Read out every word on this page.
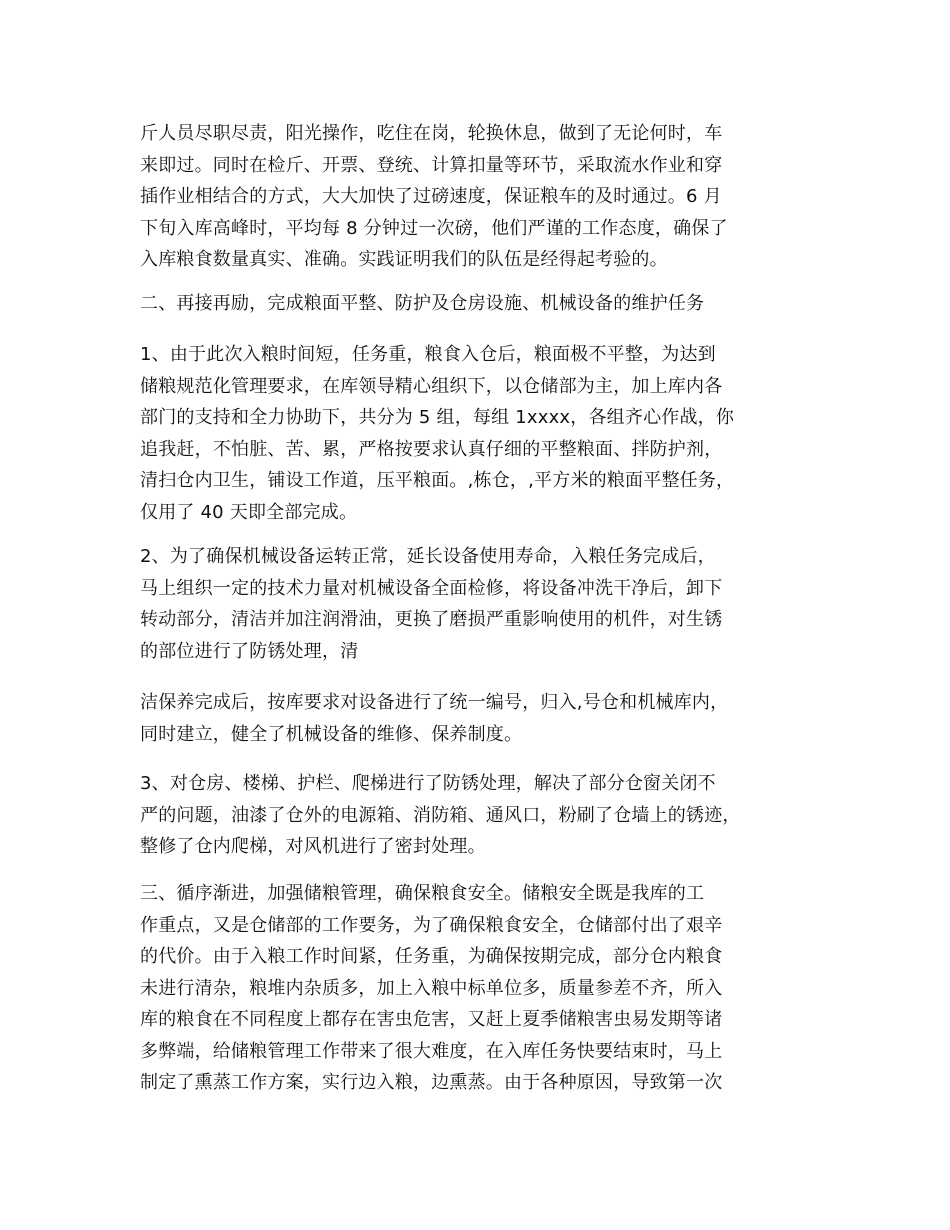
斤人员尽职尽责，阳光操作，吃住在岗，轮换休息，做到了无论何时，车
来即过。同时在检斤、开票、登统、计算扣量等环节，采取流水作业和穿
插作业相结合的方式，大大加快了过磅速度，保证粮车的及时通过。6 月
下旬入库高峰时，平均每 8 分钟过一次磅，他们严谨的工作态度，确保了
入库粮食数量真实、准确。实践证明我们的队伍是经得起考验的。
二、再接再励，完成粮面平整、防护及仓房设施、机械设备的维护任务
1、由于此次入粮时间短，任务重，粮食入仓后，粮面极不平整，为达到
储粮规范化管理要求，在库领导精心组织下，以仓储部为主，加上库内各
部门的支持和全力协助下，共分为 5 组，每组 1xxxx，各组齐心作战，你
追我赶，不怕脏、苦、累，严格按要求认真仔细的平整粮面、拌防护剂，
清扫仓内卫生，铺设工作道，压平粮面。,栋仓，,平方米的粮面平整任务，
仅用了 40 天即全部完成。
2、为了确保机械设备运转正常，延长设备使用寿命，入粮任务完成后，
马上组织一定的技术力量对机械设备全面检修，将设备冲洗干净后，卸下
转动部分，清洁并加注润滑油，更换了磨损严重影响使用的机件，对生锈
的部位进行了防锈处理，清
洁保养完成后，按库要求对设备进行了统一编号，归入,号仓和机械库内，
同时建立，健全了机械设备的维修、保养制度。
3、对仓房、楼梯、护栏、爬梯进行了防锈处理，解决了部分仓窗关闭不
严的问题，油漆了仓外的电源箱、消防箱、通风口，粉刷了仓墙上的锈迹，
整修了仓内爬梯，对风机进行了密封处理。
三、循序渐进，加强储粮管理，确保粮食安全。储粮安全既是我库的工
作重点，又是仓储部的工作要务，为了确保粮食安全，仓储部付出了艰辛
的代价。由于入粮工作时间紧，任务重，为确保按期完成，部分仓内粮食
未进行清杂，粮堆内杂质多，加上入粮中标单位多，质量参差不齐，所入
库的粮食在不同程度上都存在害虫危害，又赶上夏季储粮害虫易发期等诸
多弊端，给储粮管理工作带来了很大难度，在入库任务快要结束时，马上
制定了熏蒸工作方案，实行边入粮，边熏蒸。由于各种原因，导致第一次
